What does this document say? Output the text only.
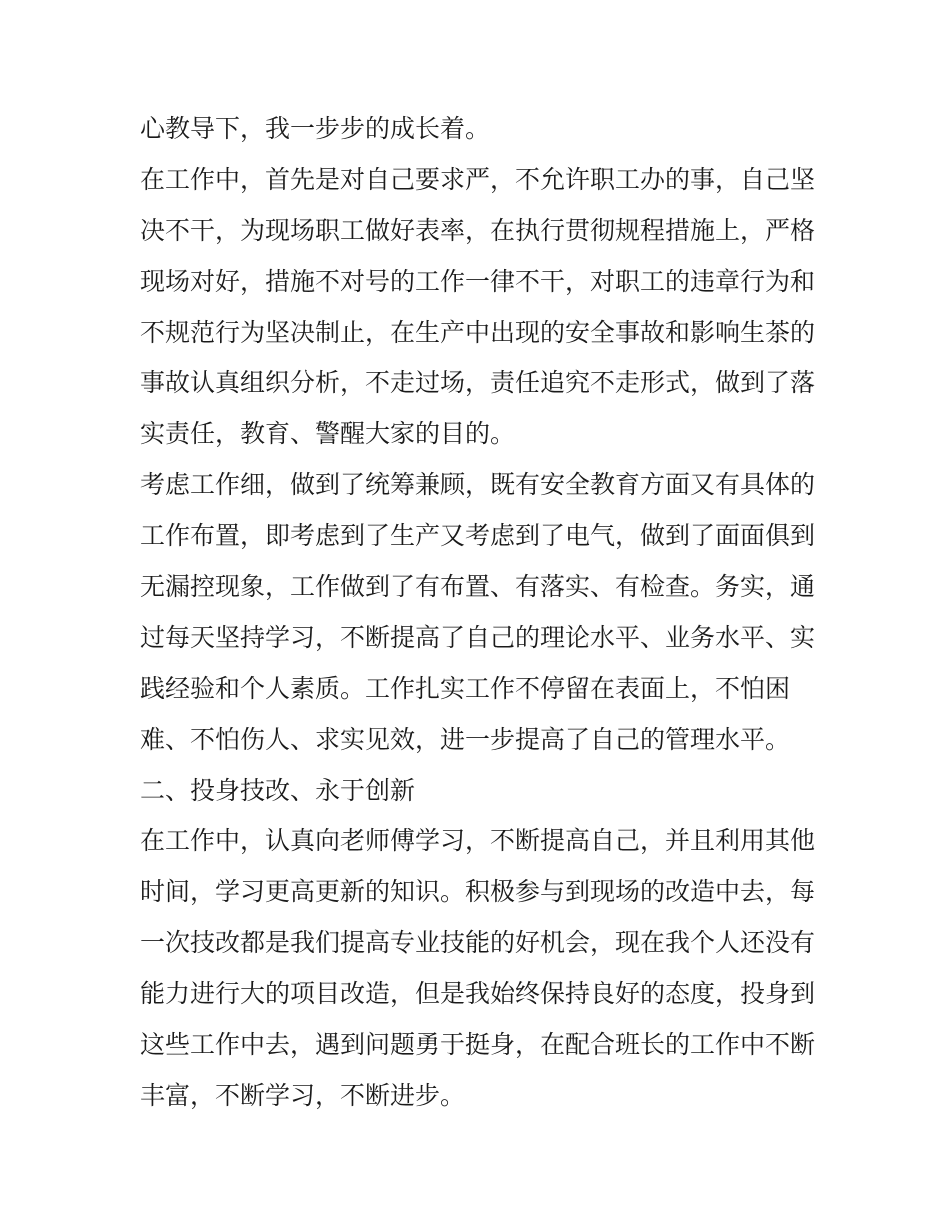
心教导下，我一步步的成长着。
在工作中，首先是对自己要求严，不允许职工办的事，自己坚
决不干，为现场职工做好表率，在执行贯彻规程措施上，严格
现场对好，措施不对号的工作一律不干，对职工的违章行为和
不规范行为坚决制止，在生产中出现的安全事故和影响生茶的
事故认真组织分析，不走过场，责任追究不走形式，做到了落
实责任，教育、警醒大家的目的。
考虑工作细，做到了统筹兼顾，既有安全教育方面又有具体的
工作布置，即考虑到了生产又考虑到了电气，做到了面面俱到
无漏控现象，工作做到了有布置、有落实、有检查。务实，通
过每天坚持学习，不断提高了自己的理论水平、业务水平、实
践经验和个人素质。工作扎实工作不停留在表面上，不怕困
难、不怕伤人、求实见效，进一步提高了自己的管理水平。
二、投身技改、永于创新
在工作中，认真向老师傅学习，不断提高自己，并且利用其他
时间，学习更高更新的知识。积极参与到现场的改造中去，每
一次技改都是我们提高专业技能的好机会，现在我个人还没有
能力进行大的项目改造，但是我始终保持良好的态度，投身到
这些工作中去，遇到问题勇于挺身，在配合班长的工作中不断
丰富，不断学习，不断进步。
